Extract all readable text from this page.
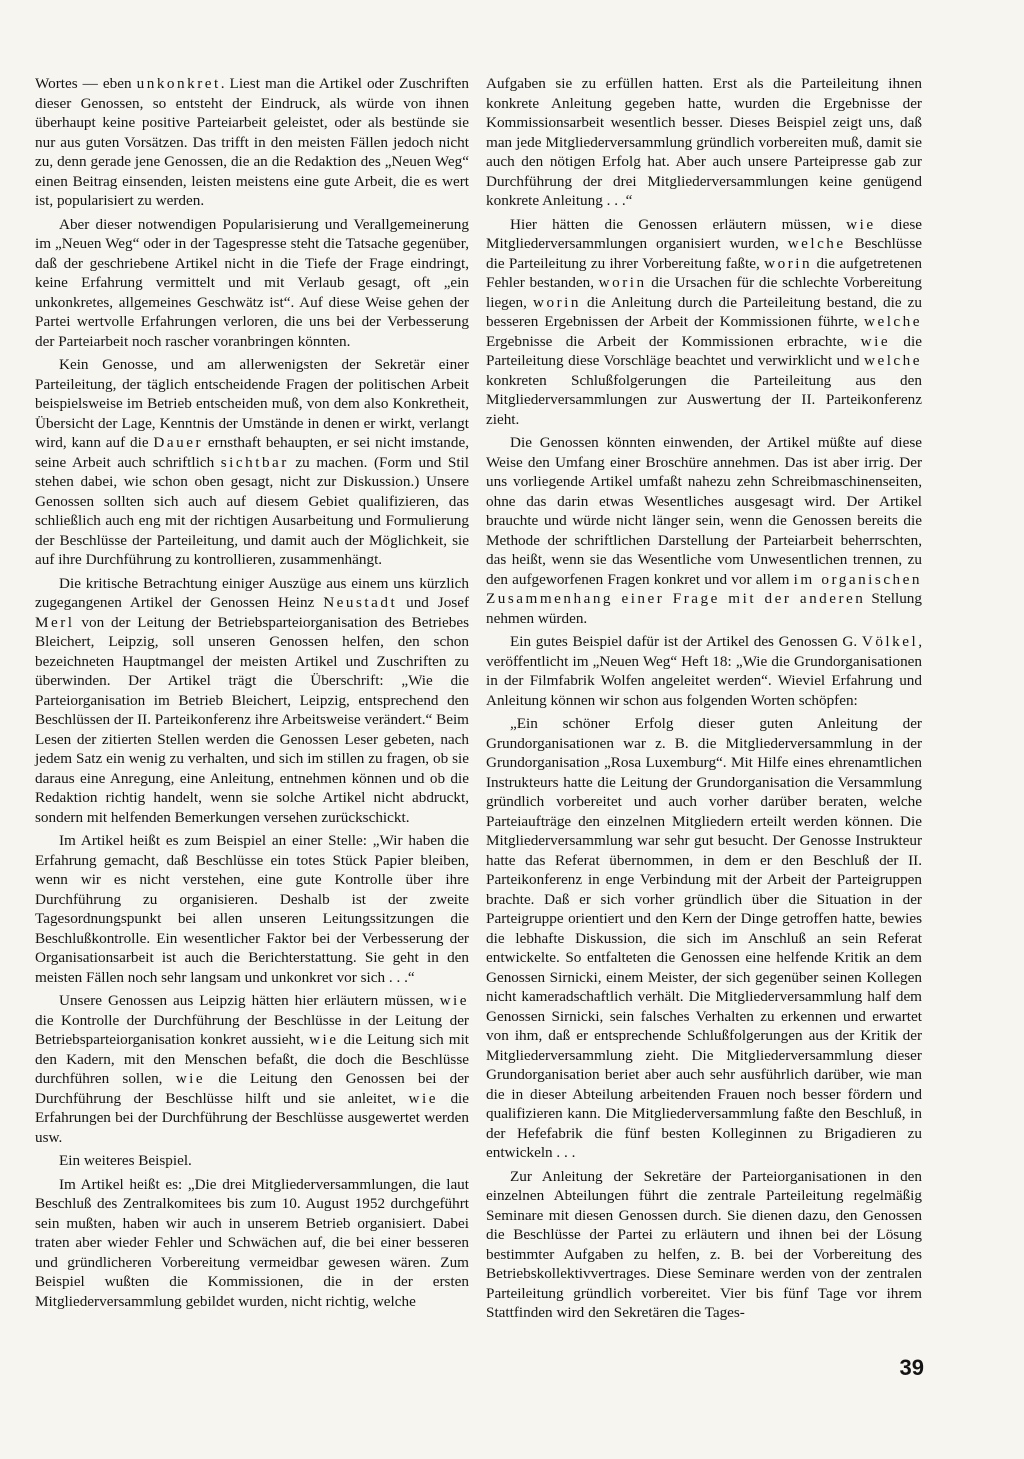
Wortes — eben unkonkret. Liest man die Artikel oder Zuschriften dieser Genossen, so entsteht der Eindruck, als würde von ihnen überhaupt keine positive Parteiarbeit geleistet, oder als bestünde sie nur aus guten Vorsätzen. Das trifft in den meisten Fällen jedoch nicht zu, denn gerade jene Genossen, die an die Redaktion des „Neuen Weg“ einen Beitrag einsenden, leisten meistens eine gute Arbeit, die es wert ist, popularisiert zu werden.

Aber dieser notwendigen Popularisierung und Verallgemeinerung im „Neuen Weg“ oder in der Tagespresse steht die Tatsache gegenüber, daß der geschriebene Artikel nicht in die Tiefe der Frage eindringt, keine Erfahrung vermittelt und mit Verlaub gesagt, oft „ein unkonkretes, allgemeines Geschwätz ist“. Auf diese Weise gehen der Partei wertvolle Erfahrungen verloren, die uns bei der Verbesserung der Parteiarbeit noch rascher voranbringen könnten.

Kein Genosse, und am allerwenigsten der Sekretär einer Parteileitung, der täglich entscheidende Fragen der politischen Arbeit beispielsweise im Betrieb entscheiden muß, von dem also Konkretheit, Übersicht der Lage, Kenntnis der Umstände in denen er wirkt, verlangt wird, kann auf die Dauer ernsthaft behaupten, er sei nicht imstande, seine Arbeit auch schriftlich sichtbar zu machen. (Form und Stil stehen dabei, wie schon oben gesagt, nicht zur Diskussion.) Unsere Genossen sollten sich auch auf diesem Gebiet qualifizieren, das schließlich auch eng mit der richtigen Ausarbeitung und Formulierung der Beschlüsse der Parteileitung, und damit auch der Möglichkeit, sie auf ihre Durchführung zu kontrollieren, zusammenhängt.

Die kritische Betrachtung einiger Auszüge aus einem uns kürzlich zugegangenen Artikel der Genossen Heinz Neustadt und Josef Merl von der Leitung der Betriebsparteiorganisation des Betriebes Bleichert, Leipzig, soll unseren Genossen helfen, den schon bezeichneten Hauptmangel der meisten Artikel und Zuschriften zu überwinden. Der Artikel trägt die Überschrift: „Wie die Parteiorganisation im Betrieb Bleichert, Leipzig, entsprechend den Beschlüssen der II. Parteikonferenz ihre Arbeitsweise verändert.“ Beim Lesen der zitierten Stellen werden die Genossen Leser gebeten, nach jedem Satz ein wenig zu verhalten, und sich im stillen zu fragen, ob sie daraus eine Anregung, eine Anleitung, entnehmen können und ob die Redaktion richtig handelt, wenn sie solche Artikel nicht abdruckt, sondern mit helfenden Bemerkungen versehen zurückschickt.

Im Artikel heißt es zum Beispiel an einer Stelle: „Wir haben die Erfahrung gemacht, daß Beschlüsse ein totes Stück Papier bleiben, wenn wir es nicht verstehen, eine gute Kontrolle über ihre Durchführung zu organisieren. Deshalb ist der zweite Tagesordnungspunkt bei allen unseren Leitungssitzungen die Beschlußkontrolle. Ein wesentlicher Faktor bei der Verbesserung der Organisationsarbeit ist auch die Berichterstattung. Sie geht in den meisten Fällen noch sehr langsam und unkonkret vor sich . . .“

Unsere Genossen aus Leipzig hätten hier erläutern müssen, wie die Kontrolle der Durchführung der Beschlüsse in der Leitung der Betriebsparteiorganisation konkret aussieht, wie die Leitung sich mit den Kadern, mit den Menschen befaßt, die doch die Beschlüsse durchführen sollen, wie die Leitung den Genossen bei der Durchführung der Beschlüsse hilft und sie anleitet, wie die Erfahrungen bei der Durchführung der Beschlüsse ausgewertet werden usw.

Ein weiteres Beispiel.

Im Artikel heißt es: „Die drei Mitgliederversammlungen, die laut Beschluß des Zentralkomitees bis zum 10. August 1952 durchgeführt sein mußten, haben wir auch in unserem Betrieb organisiert. Dabei traten aber wieder Fehler und Schwächen auf, die bei einer besseren und gründlicheren Vorbereitung vermeidbar gewesen wären. Zum Beispiel wußten die Kommissionen, die in der ersten Mitgliederversammlung gebildet wurden, nicht richtig, welche

Aufgaben sie zu erfüllen hatten. Erst als die Parteileitung ihnen konkrete Anleitung gegeben hatte, wurden die Ergebnisse der Kommissionsarbeit wesentlich besser. Dieses Beispiel zeigt uns, daß man jede Mitgliederversammlung gründlich vorbereiten muß, damit sie auch den nötigen Erfolg hat. Aber auch unsere Parteipresse gab zur Durchführung der drei Mitgliederversammlungen keine genügend konkrete Anleitung . . .“

Hier hätten die Genossen erläutern müssen, wie diese Mitgliederversammlungen organisiert wurden, welche Beschlüsse die Parteileitung zu ihrer Vorbereitung faßte, worin die aufgetretenen Fehler bestanden, worin die Ursachen für die schlechte Vorbereitung liegen, worin die Anleitung durch die Parteileitung bestand, die zu besseren Ergebnissen der Arbeit der Kommissionen führte, welche Ergebnisse die Arbeit der Kommissionen erbrachte, wie die Parteileitung diese Vorschläge beachtet und verwirklicht und welche konkreten Schlußfolgerungen die Parteileitung aus den Mitgliederversammlungen zur Auswertung der II. Parteikonferenz zieht.

Die Genossen könnten einwenden, der Artikel müßte auf diese Weise den Umfang einer Broschüre annehmen. Das ist aber irrig. Der uns vorliegende Artikel umfaßt nahezu zehn Schreibmaschinenseiten, ohne das darin etwas Wesentliches ausgesagt wird. Der Artikel brauchte und würde nicht länger sein, wenn die Genossen bereits die Methode der schriftlichen Darstellung der Parteiarbeit beherrschten, das heißt, wenn sie das Wesentliche vom Unwesentlichen trennen, zu den aufgeworfenen Fragen konkret und vor allem im organischen Zusammenhang einer Frage mit der anderen Stellung nehmen würden.

Ein gutes Beispiel dafür ist der Artikel des Genossen G. Völkel, veröffentlicht im „Neuen Weg“ Heft 18: „Wie die Grundorganisationen in der Filmfabrik Wolfen angeleitet werden“. Wieviel Erfahrung und Anleitung können wir schon aus folgenden Worten schöpfen:

„Ein schöner Erfolg dieser guten Anleitung der Grundorganisationen war z. B. die Mitgliederversammlung in der Grundorganisation „Rosa Luxemburg“. Mit Hilfe eines ehrenamtlichen Instrukteurs hatte die Leitung der Grundorganisation die Versammlung gründlich vorbereitet und auch vorher darüber beraten, welche Parteiaufträge den einzelnen Mitgliedern erteilt werden können. Die Mitgliederversammlung war sehr gut besucht. Der Genosse Instrukteur hatte das Referat übernommen, in dem er den Beschluß der II. Parteikonferenz in enge Verbindung mit der Arbeit der Parteigruppen brachte. Daß er sich vorher gründlich über die Situation in der Parteigruppe orientiert und den Kern der Dinge getroffen hatte, bewies die lebhafte Diskussion, die sich im Anschluß an sein Referat entwickelte. So entfalteten die Genossen eine helfende Kritik an dem Genossen Sirnicki, einem Meister, der sich gegenüber seinen Kollegen nicht kameradschaftlich verhält. Die Mitgliederversammlung half dem Genossen Sirnicki, sein falsches Verhalten zu erkennen und erwartet von ihm, daß er entsprechende Schlußfolgerungen aus der Kritik der Mitgliederversammlung zieht. Die Mitgliederversammlung dieser Grundorganisation beriet aber auch sehr ausführlich darüber, wie man die in dieser Abteilung arbeitenden Frauen noch besser fördern und qualifizieren kann. Die Mitgliederversammlung faßte den Beschluß, in der Hefefabrik die fünf besten Kolleginnen zu Brigadieren zu entwickeln . . .

Zur Anleitung der Sekretäre der Parteiorganisationen in den einzelnen Abteilungen führt die zentrale Parteileitung regelmäßig Seminare mit diesen Genossen durch. Sie dienen dazu, den Genossen die Beschlüsse der Partei zu erläutern und ihnen bei der Lösung bestimmter Aufgaben zu helfen, z. B. bei der Vorbereitung des Betriebskollektivvertrages. Diese Seminare werden von der zentralen Parteileitung gründlich vorbereitet. Vier bis fünf Tage vor ihrem Stattfinden wird den Sekretären die Tages-

39
